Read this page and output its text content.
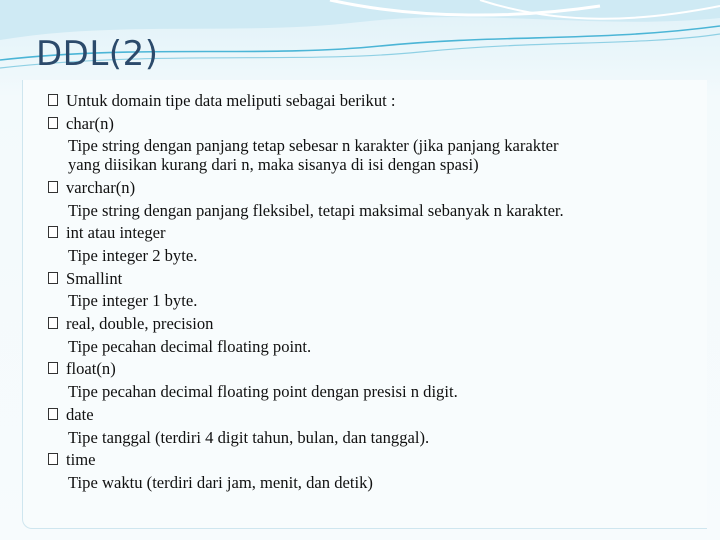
DDL(2)
Untuk domain tipe data meliputi sebagai berikut :
char(n)
Tipe string dengan panjang tetap sebesar n karakter (jika panjang karakter
yang diisikan kurang dari n, maka sisanya di isi dengan spasi)
varchar(n)
Tipe string dengan panjang fleksibel, tetapi maksimal sebanyak n karakter.
int atau integer
Tipe integer 2 byte.
Smallint
Tipe integer 1 byte.
real, double, precision
Tipe pecahan decimal floating point.
float(n)
Tipe pecahan decimal floating point dengan presisi n digit.
date
Tipe tanggal (terdiri 4 digit tahun, bulan, dan tanggal).
time
Tipe waktu (terdiri dari jam, menit, dan detik)
